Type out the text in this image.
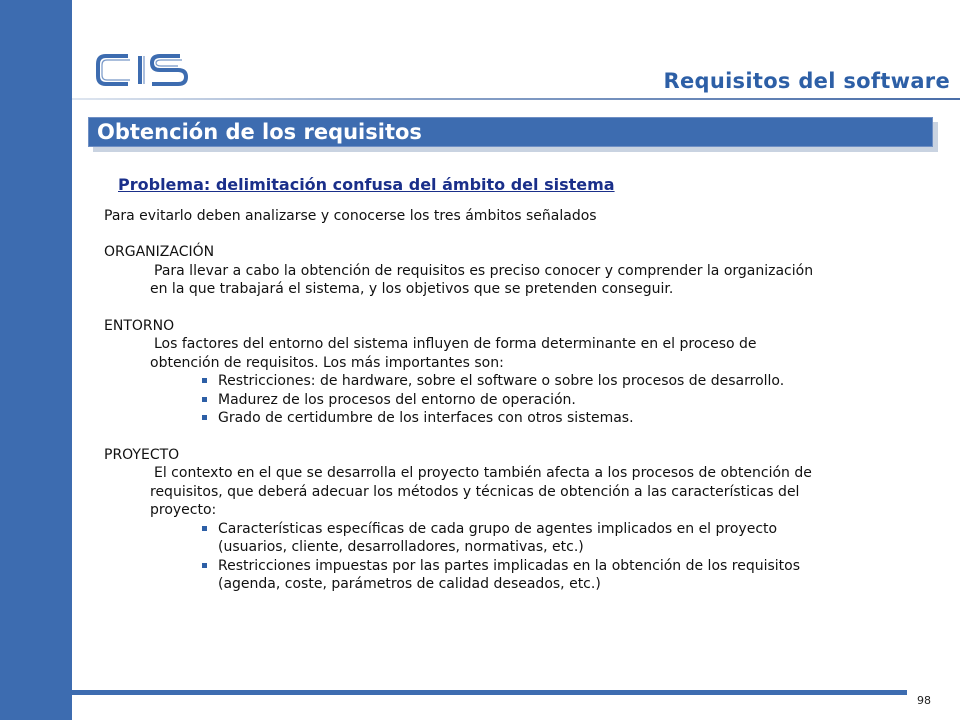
Requisitos del software
Obtención de los requisitos
Problema: delimitación confusa del ámbito del sistema
Para evitarlo deben analizarse y conocerse los tres ámbitos señalados
ORGANIZACIÓN
Para llevar a cabo la obtención de requisitos es preciso conocer y comprender la organización
en la que trabajará el sistema, y los objetivos que se pretenden conseguir.
ENTORNO
Los factores del entorno del sistema influyen de forma determinante en el proceso de
obtención de requisitos. Los más importantes son:
Restricciones: de hardware, sobre el software o sobre los procesos de desarrollo.
Madurez de los procesos del entorno de operación.
Grado de certidumbre de los interfaces con otros sistemas.
PROYECTO
El contexto en el que se desarrolla el proyecto también afecta a los procesos de obtención de
requisitos, que deberá adecuar los métodos y técnicas de obtención a las características del
proyecto:
Características específicas de cada grupo de agentes implicados en el proyecto
(usuarios, cliente, desarrolladores, normativas, etc.)
Restricciones impuestas por las partes implicadas en la obtención de los requisitos
(agenda, coste, parámetros de calidad deseados, etc.)
98
